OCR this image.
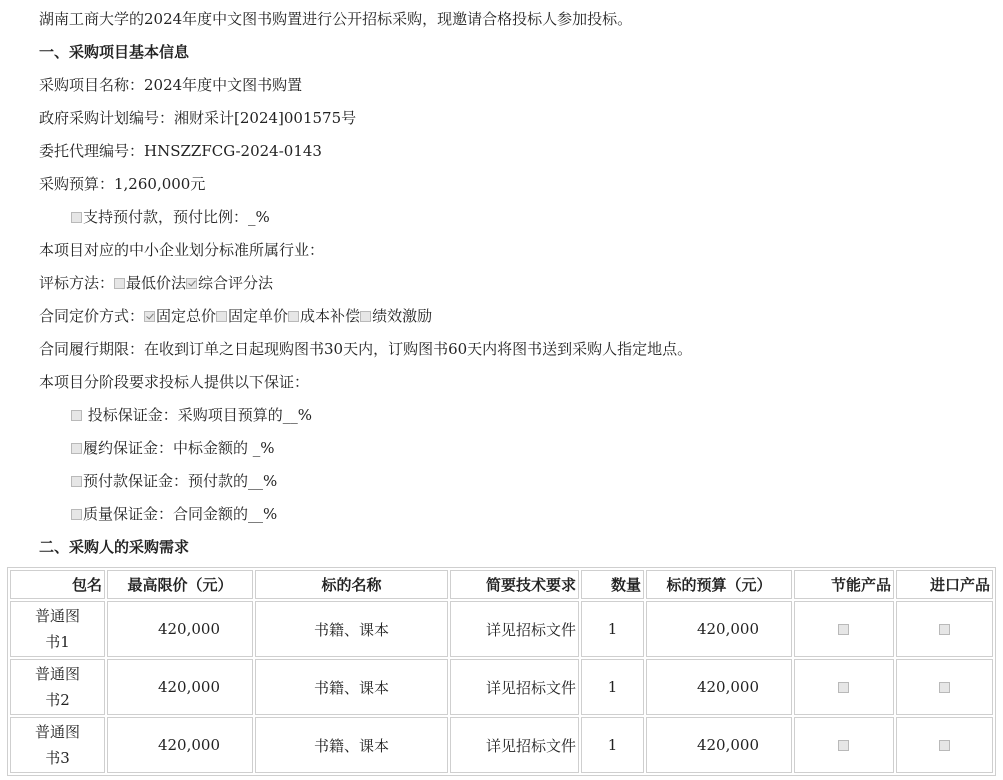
湖南工商大学的2024年度中文图书购置进行公开招标采购，现邀请合格投标人参加投标。
一、采购项目基本信息
采购项目名称：2024年度中文图书购置
政府采购计划编号：湘财采计[2024]001575号
委托代理编号：HNSZZFCG-2024-0143
采购预算：1,260,000元
支持预付款，预付比例：_%
本项目对应的中小企业划分标准所属行业：
评标方法： 最低价法 综合评分法
合同定价方式： 固定总价 固定单价 成本补偿 绩效激励
合同履行期限：在收到订单之日起现购图书30天内，订购图书60天内将图书送到采购人指定地点。
本项目分阶段要求投标人提供以下保证：
投标保证金：采购项目预算的__%
履约保证金：中标金额的 _%
预付款保证金：预付款的__%
质量保证金：合同金额的__%
二、采购人的采购需求
包名	最高限价（元）	标的名称	简要技术要求	数量	标的预算（元）	节能产品	进口产品
普通图
书1	420,000	书籍、课本	详见招标文件	1	420,000		
普通图
书2	420,000	书籍、课本	详见招标文件	1	420,000		
普通图
书3	420,000	书籍、课本	详见招标文件	1	420,000		
